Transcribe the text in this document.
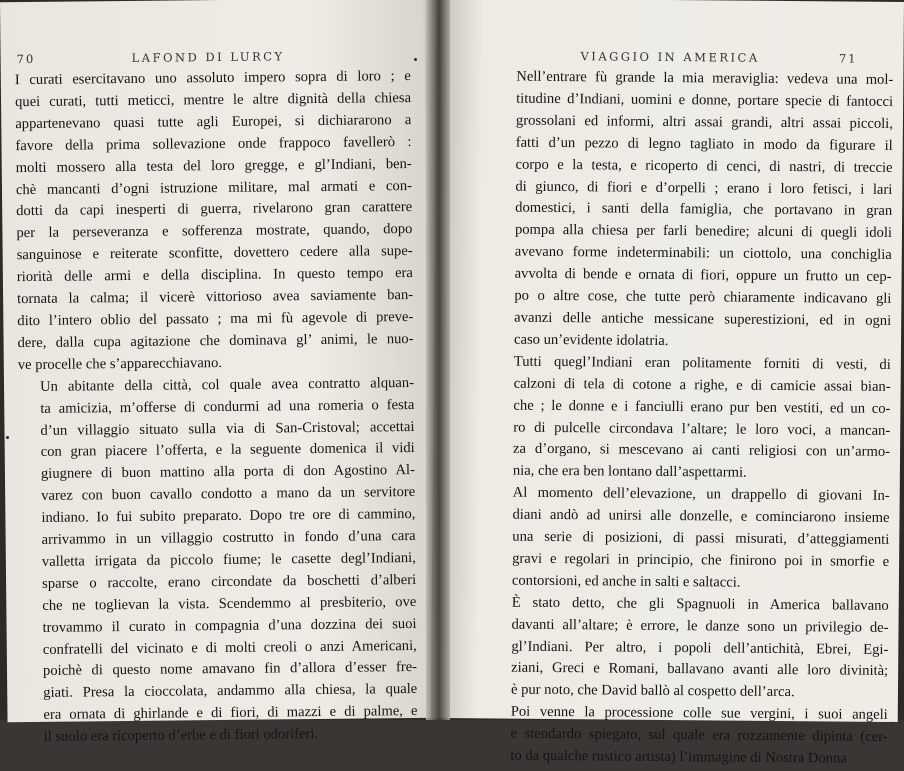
70	LAFOND DI LURCY

I curati esercitavano uno assoluto impero sopra di loro ; e
quei curati, tutti meticci, mentre le altre dignità della chiesa
appartenevano quasi tutte agli Europei, si dichiararono a
favore della prima sollevazione onde frappoco favellerò :
molti mossero alla testa del loro gregge, e gl’Indiani, ben-
chè mancanti d’ogni istruzione militare, mal armati e con-
dotti da capi inesperti di guerra, rivelarono gran carattere
per la perseveranza e sofferenza mostrate, quando, dopo
sanguinose e reiterate sconfitte, dovettero cedere alla supe-
riorità delle armi e della disciplina. In questo tempo era
tornata la calma; il vicerè vittorioso avea saviamente ban-
dito l’intero oblio del passato ; ma mi fù agevole di preve-
dere, dalla cupa agitazione che dominava gl’ animi, le nuo-
ve procelle che s’apparecchiavano.

Un abitante della città, col quale avea contratto alquan-
ta amicizia, m’offerse di condurmi ad una romeria o festa
d’un villaggio situato sulla via di San-Cristoval; accettai
con gran piacere l’offerta, e la seguente domenica il vidi
giugnere di buon mattino alla porta di don Agostino Al-
varez con buon cavallo condotto a mano da un servitore
indiano. Io fui subito preparato. Dopo tre ore di cammino,
arrivammo in un villaggio costrutto in fondo d’una cara
valletta irrigata da piccolo fiume; le casette degl’Indiani,
sparse o raccolte, erano circondate da boschetti d’alberi
che ne toglievan la vista. Scendemmo al presbiterio, ove
trovammo il curato in compagnia d’una dozzina dei suoi
confratelli del vicinato e di molti creoli o anzi Americani,
poichè di questo nome amavano fin d’allora d’esser fre-
giati. Presa la cioccolata, andammo alla chiesa, la quale
era ornata di ghirlande e di fiori, di mazzi e di palme, e
il suolo era ricoperto d’erbe e di fiori odoriferi.

VIAGGIO IN AMERICA	71

Nell’entrare fù grande la mia meraviglia: vedeva una mol-
titudine d’Indiani, uomini e donne, portare specie di fantocci
grossolani ed informi, altri assai grandi, altri assai piccoli,
fatti d’un pezzo di legno tagliato in modo da figurare il
corpo e la testa, e ricoperto di cenci, di nastri, di treccie
di giunco, di fiori e d’orpelli ; erano i loro fetisci, i lari
domestici, i santi della famiglia, che portavano in gran
pompa alla chiesa per farli benedire; alcuni di quegli idoli
avevano forme indeterminabili: un ciottolo, una conchiglia
avvolta di bende e ornata di fiori, oppure un frutto un cep-
po o altre cose, che tutte però chiaramente indicavano gli
avanzi delle antiche messicane superestizioni, ed in ogni
caso un’evidente idolatria.

Tutti quegl’Indiani eran politamente forniti di vesti, di
calzoni di tela di cotone a righe, e di camicie assai bian-
che ; le donne e i fanciulli erano pur ben vestiti, ed un co-
ro di pulcelle circondava l’altare; le loro voci, a mancan-
za d’organo, si mescevano ai canti religiosi con un’armo-
nia, che era ben lontano dall’aspettarmi.

Al momento dell’elevazione, un drappello di giovani In-
diani andò ad unirsi alle donzelle, e cominciarono insieme
una serie di posizioni, di passi misurati, d’atteggiamenti
gravi e regolari in principio, che finirono poi in smorfie e
contorsioni, ed anche in salti e saltacci.

È stato detto, che gli Spagnuoli in America ballavano
davanti all’altare; è errore, le danze sono un privilegio de-
gl’Indiani. Per altro, i popoli dell’antichità, Ebrei, Egi-
ziani, Greci e Romani, ballavano avanti alle loro divinità;
è pur noto, che David ballò al cospetto dell’arca.

Poi venne la processione colle sue vergini, i suoi angeli
e stendardo spiegato, sul quale era rozzamente dipinta (cer-
to da qualche rustico artista) l’immagine di Nostra Donna
